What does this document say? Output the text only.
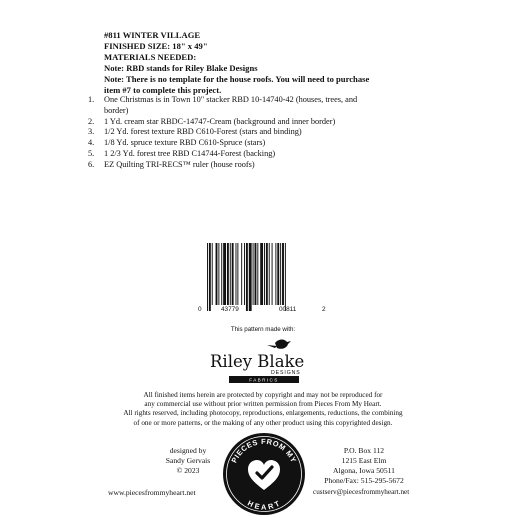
#811 WINTER VILLAGE
FINISHED SIZE: 18" x 49"
MATERIALS NEEDED:
Note: RBD stands for Riley Blake Designs
Note: There is no template for the house roofs. You will need to purchase
item #7 to complete this project.
1. One Christmas is in Town 10" stacker RBD 10-14740-42 (houses, trees, and
border)
2. 1 Yd. cream star RBDC-14747-Cream (background and inner border)
3. 1/2 Yd. forest texture RBD C610-Forest (stars and binding)
4. 1/8 Yd. spruce texture RBD C610-Spruce (stars)
5. 1 2/3 Yd. forest tree RBD C14744-Forest (backing)
6. EZ Quilting TRI-RECS™ ruler (house roofs)
0	43779	00811	2
This pattern made with:
Riley Blake
DESIGNS
FABRICS
All finished items herein are protected by copyright and may not be reproduced for
any commercial use without prior written permission from Pieces From My Heart.
All rights reserved, including photocopy, reproductions, enlargements, reductions, the combining
of one or more patterns, or the making of any other product using this copyrighted design.
designed by
Sandy Gervais
© 2023
PIECES FROM MY
HEART
P.O. Box 112
1215 East Elm
Algona, Iowa 50511
Phone/Fax: 515-295-5672
www.piecesfrommyheart.net	custserv@piecesfrommyheart.net
